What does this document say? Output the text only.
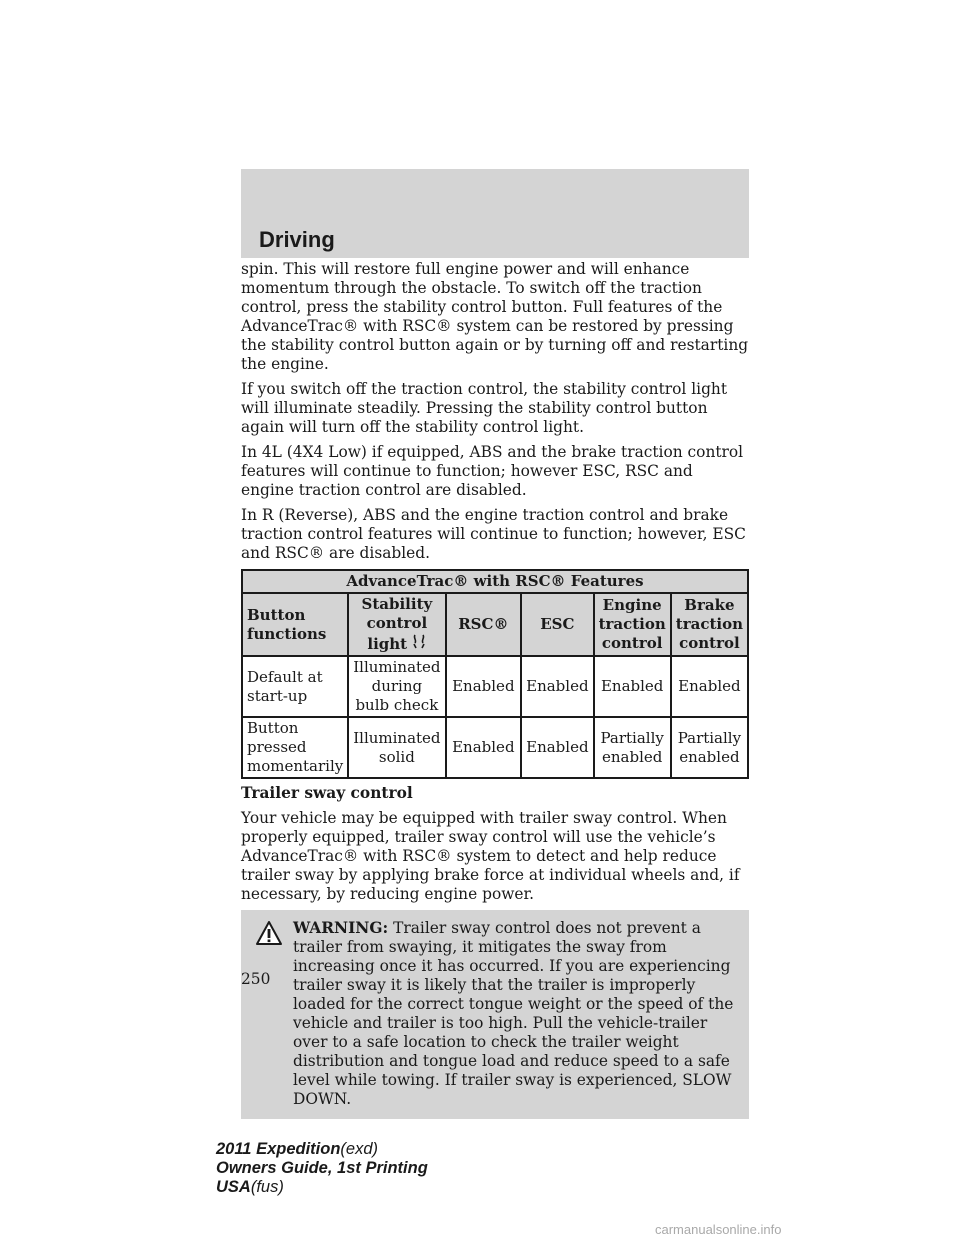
Driving

spin. This will restore full engine power and will enhance momentum through the obstacle. To switch off the traction control, press the stability control button. Full features of the AdvanceTrac® with RSC® system can be restored by pressing the stability control button again or by turning off and restarting the engine.

If you switch off the traction control, the stability control light will illuminate steadily. Pressing the stability control button again will turn off the stability control light.

In 4L (4X4 Low) if equipped, ABS and the brake traction control features will continue to function; however ESC, RSC and engine traction control are disabled.

In R (Reverse), ABS and the engine traction control and brake traction control features will continue to function; however, ESC and RSC® are disabled.

AdvanceTrac® with RSC® Features					
Button functions	Stability control light	RSC®	ESC	Engine traction control	Brake traction control
Default at start-up	Illuminated during bulb check	Enabled	Enabled	Enabled	Enabled
Button pressed momentarily	Illuminated solid	Enabled	Enabled	Partially enabled	Partially enabled
Trailer sway control

Your vehicle may be equipped with trailer sway control. When properly equipped, trailer sway control will use the vehicle’s AdvanceTrac® with RSC® system to detect and help reduce trailer sway by applying brake force at individual wheels and, if necessary, by reducing engine power.

WARNING: Trailer sway control does not prevent a trailer from swaying, it mitigates the sway from increasing once it has occurred. If you are experiencing trailer sway it is likely that the trailer is improperly loaded for the correct tongue weight or the speed of the vehicle and trailer is too high. Pull the vehicle-trailer over to a safe location to check the trailer weight distribution and tongue load and reduce speed to a safe level while towing. If trailer sway is experienced, SLOW DOWN.
250
2011 Expedition(exd)
Owners Guide, 1st Printing
USA(fus)
carmanualsonline.info
